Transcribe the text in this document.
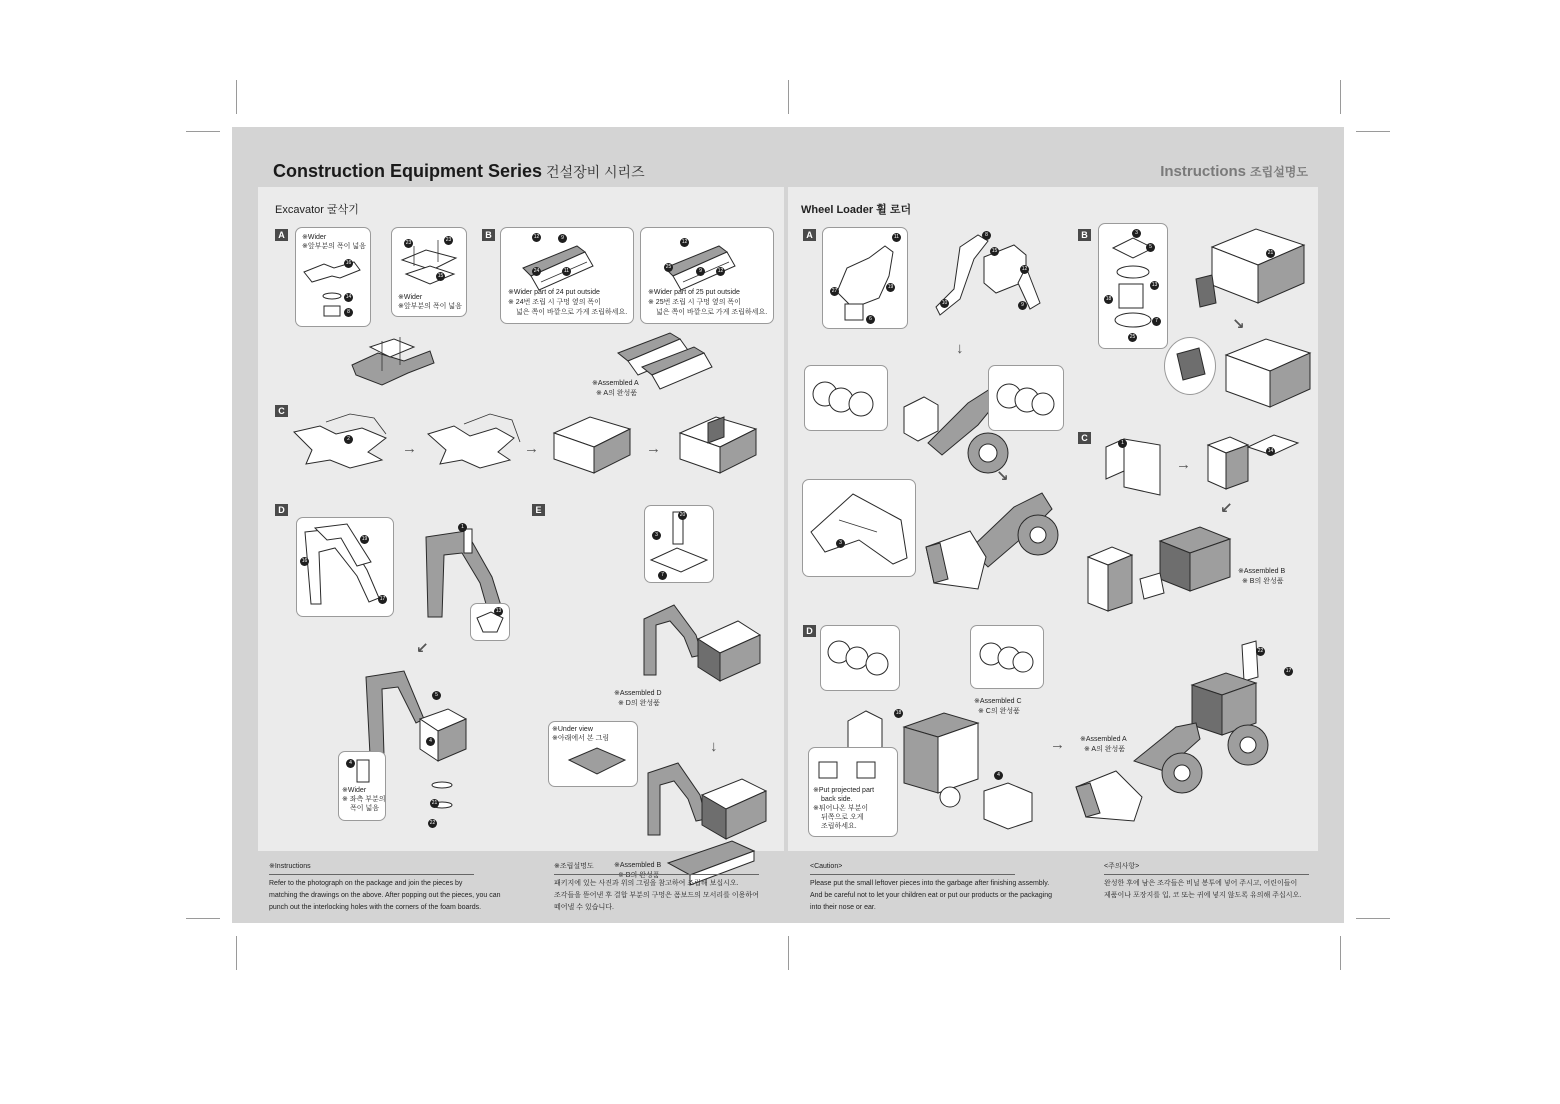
Construction Equipment Series 건설장비 시리즈	Instructions 조립설명도
Excavator 굴삭기
A	B
C
D	E
※Wider
※앞부분의 폭이 넓음
※Wider
※앞부분의 폭이 넓음
※Wider part of 24 put outside
※ 24번 조립 시 구멍 옆의 폭이
넓은 쪽이 바깥으로 가게 조립하세요.
※Wider part of 25 put outside
※ 25번 조립 시 구멍 옆의 폭이
넓은 쪽이 바깥으로 가게 조립하세요.
※Assembled A
※ A의 완성품
→	→	→
↙
※Wider
※ 좌측 부분의
폭이 넓음
※Assembled D
※ D의 완성품
↓
※Under view
※아래에서 본 그림
※Assembled B
※ B의 완성품
Wheel Loader 휠 로더
A	B
C
D
↓
↘
↘
→
↙
※Assembled B
※ B의 완성품
※Assembled C
※ C의 완성품
※Put projected part
back side.
※튀어나온 부분이
뒤쪽으로 오게
조립하세요.
→ ※Assembled A
※ A의 완성품
16
14
8
23	23
15
12	9
24	11
12
25
9	12
2
1
19
16
17
13
5
4
4
21
22
20
3
7
11
27
19
6
8
15
12
9
10
3
5
18
13
7
25
21
1
14
3
22
17
18
4
※Instructions
Refer to the photograph on the package and join the pieces by
matching the drawings on the above. After popping out the pieces, you can
punch out the interlocking holes with the corners of the foam boards.
※조립설명도
패키지에 있는 사진과 위의 그림을 참고하여 조립해 보십시오.
조각들을 뜯어낸 후 결합 부분의 구멍은 폼보드의 모서리를 이용하여
떼어낼 수 있습니다.
<Caution>
Please put the small leftover pieces into the garbage after finishing assembly.
And be careful not to let your children eat or put our products or the packaging
into their nose or ear.
<주의사항>
완성한 후에 남은 조각들은 비닐 봉투에 넣어 주시고, 어린이들이
제품이나 포장지를 입, 코 또는 귀에 넣지 않도록 유의해 주십시오.
